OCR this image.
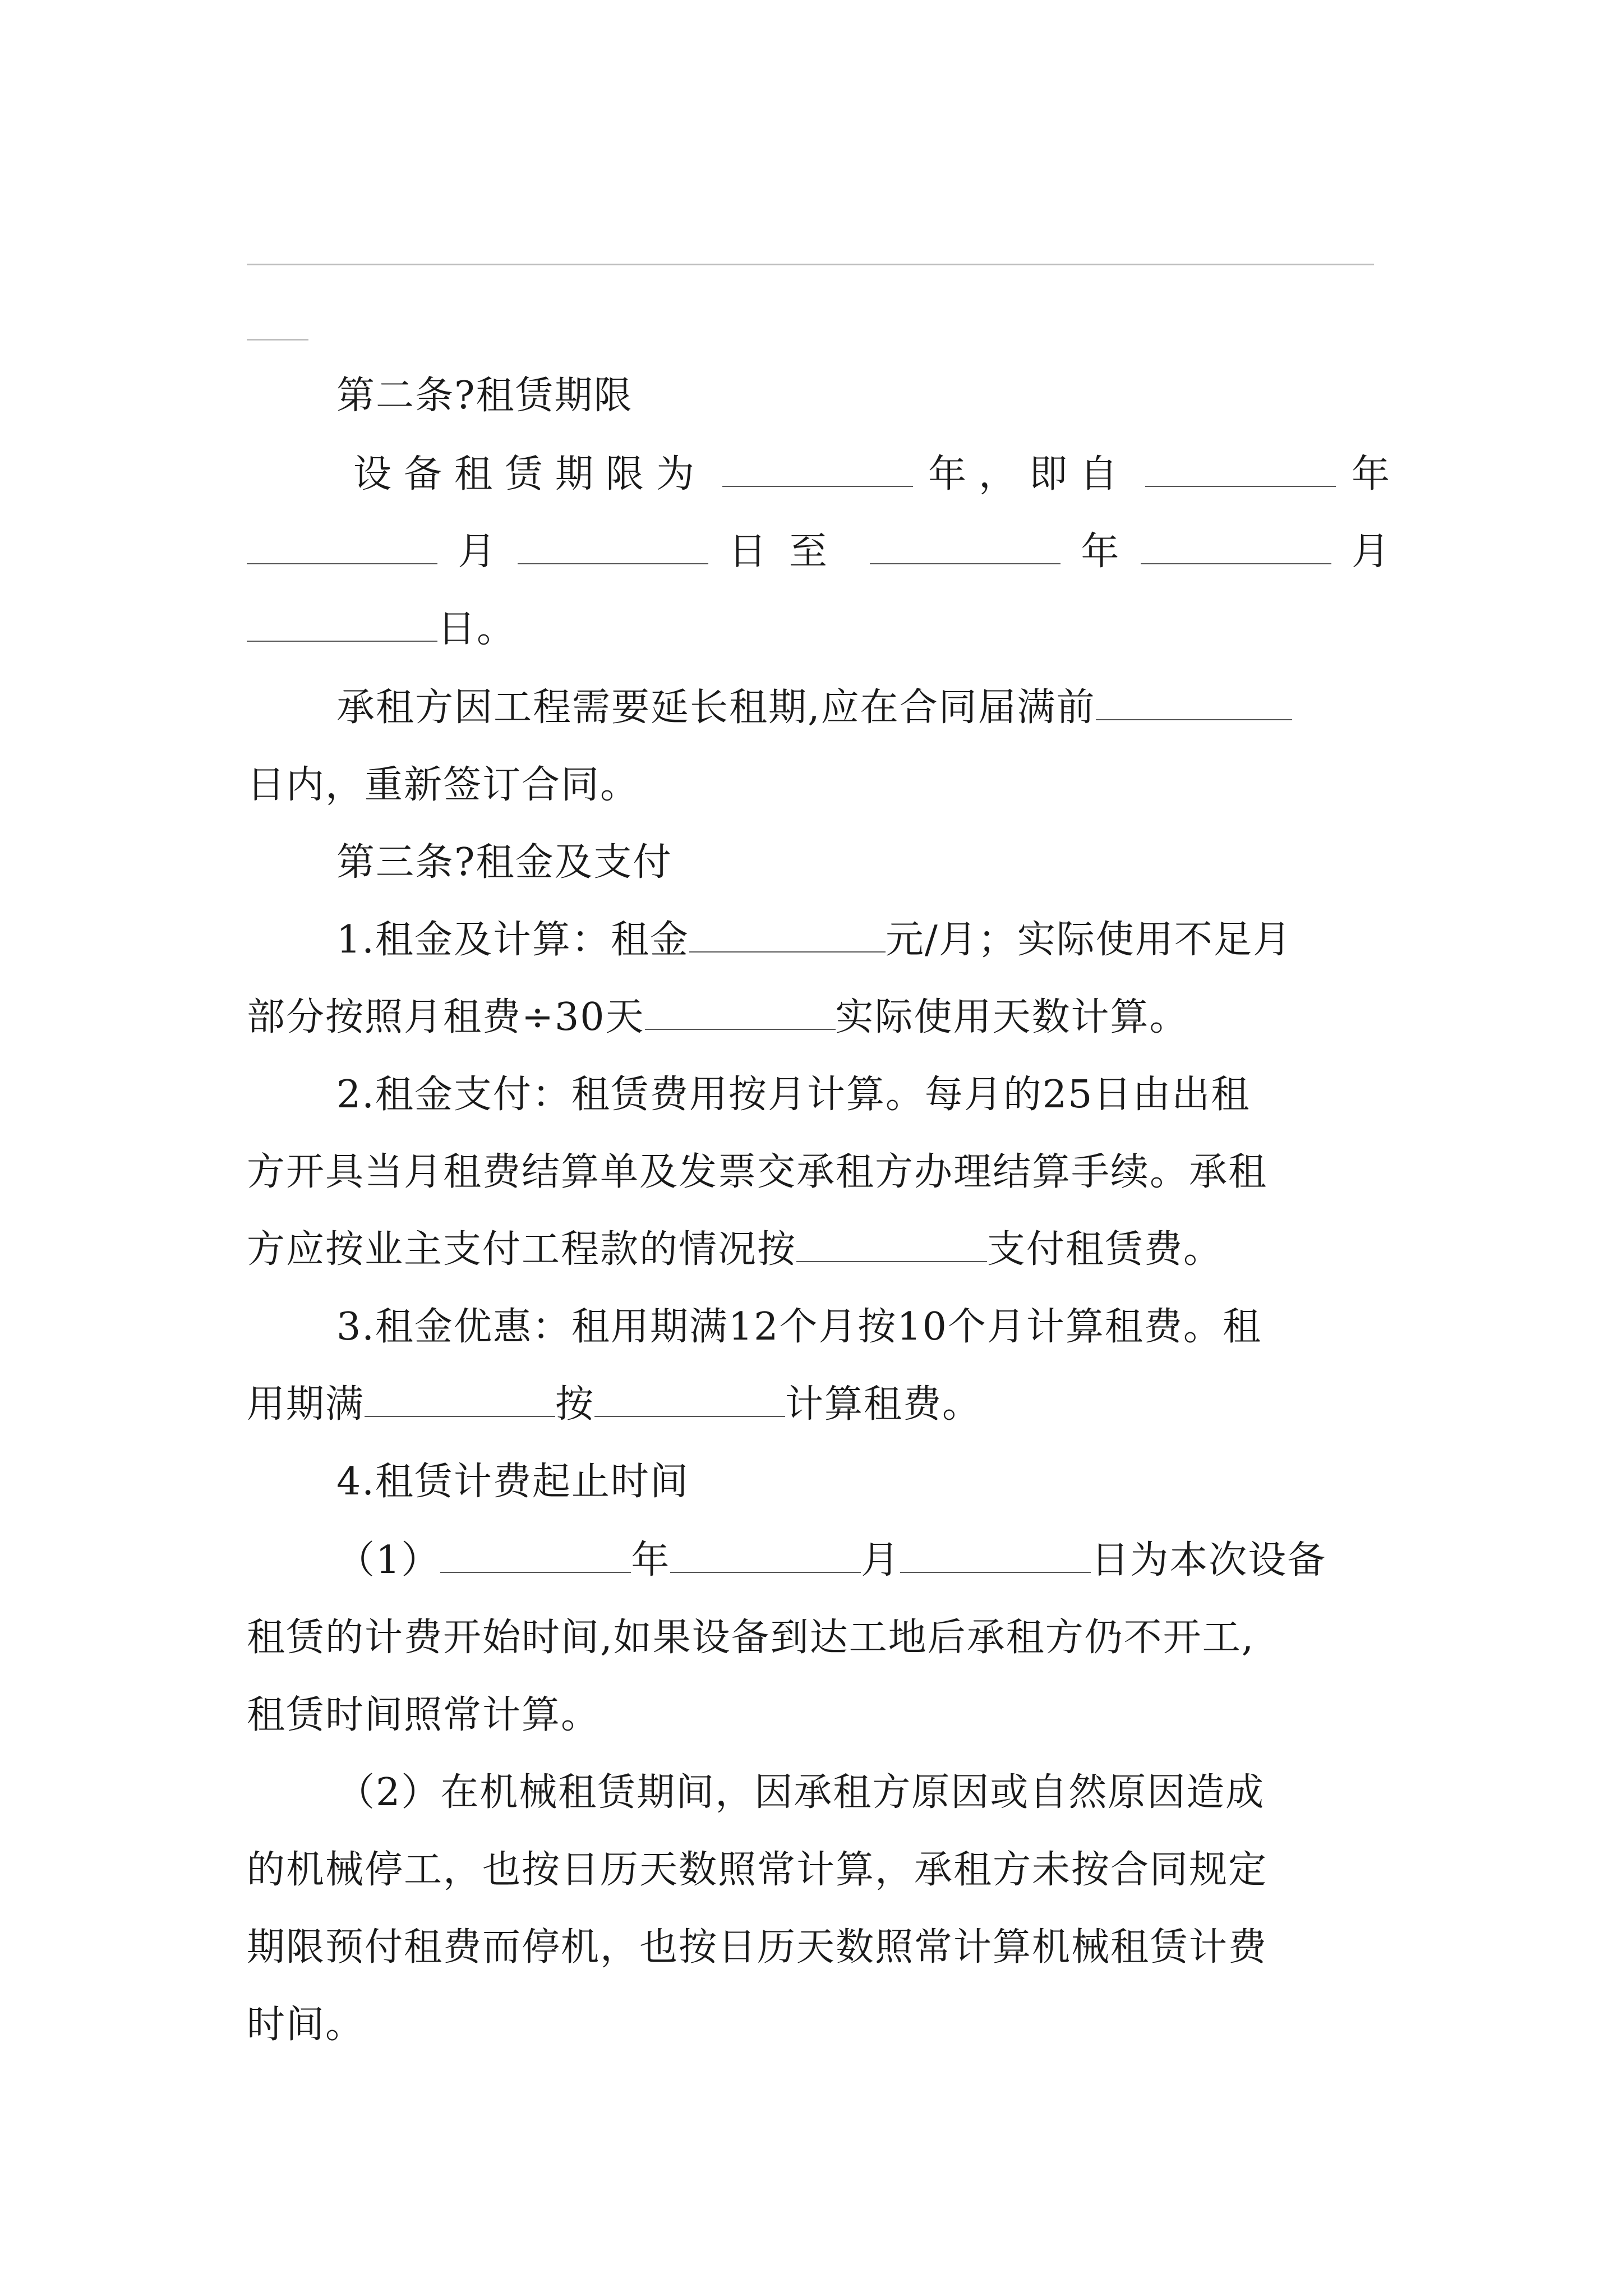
第二条?租赁期限
设备租赁期限为	年，即自	年
月	日至	年	月
日。
承租方因工程需要延长租期,应在合同届满前
日内，重新签订合同。
第三条?租金及支付
1.租金及计算：租金	元/月；实际使用不足月
部分按照月租费÷30天	实际使用天数计算。
2.租金支付：租赁费用按月计算。每月的25日由出租
方开具当月租费结算单及发票交承租方办理结算手续。承租
方应按业主支付工程款的情况按	支付租赁费。
3.租金优惠：租用期满12个月按10个月计算租费。租
用期满	按	计算租费。
4.租赁计费起止时间
（1）	年	月	日为本次设备
租赁的计费开始时间,如果设备到达工地后承租方仍不开工,
租赁时间照常计算。
（2）在机械租赁期间，因承租方原因或自然原因造成
的机械停工，也按日历天数照常计算，承租方未按合同规定
期限预付租费而停机，也按日历天数照常计算机械租赁计费
时间。
